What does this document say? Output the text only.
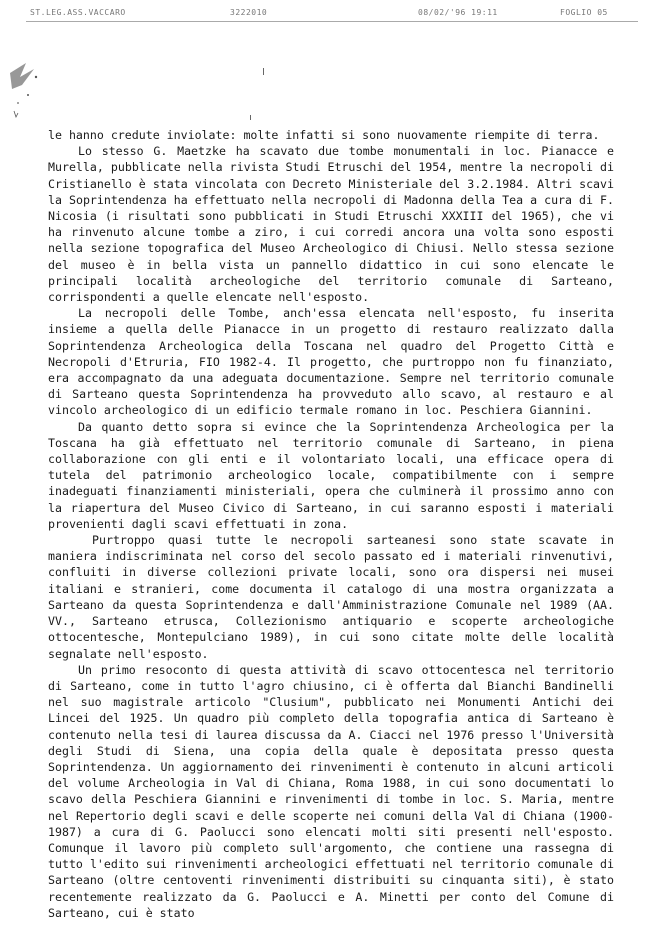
ST.LEG.ASS.VACCARO	3222010	08/02/'96 19:11	FOGLIO 05

le hanno credute inviolate: molte infatti si sono nuovamente riempite di terra.

Lo stesso G. Maetzke ha scavato due tombe monumentali in loc. Pianacce e Murella, pubblicate nella rivista Studi Etruschi del 1954, mentre la necropoli di Cristianello è stata vincolata con Decreto Ministeriale del 3.2.1984. Altri scavi la Soprintendenza ha effettuato nella necropoli di Madonna della Tea a cura di F. Nicosia (i risultati sono pubblicati in Studi Etruschi XXXIII del 1965), che vi ha rinvenuto alcune tombe a ziro, i cui corredi ancora una volta sono esposti nella sezione topografica del Museo Archeologico di Chiusi. Nello stessa sezione del museo è in bella vista un pannello didattico in cui sono elencate le principali località archeologiche del territorio comunale di Sarteano, corrispondenti a quelle elencate nell'esposto.

La necropoli delle Tombe, anch'essa elencata nell'esposto, fu inserita insieme a quella delle Pianacce in un progetto di restauro realizzato dalla Soprintendenza Archeologica della Toscana nel quadro del Progetto Città e Necropoli d'Etruria, FIO 1982-4. Il progetto, che purtroppo non fu finanziato, era accompagnato da una adeguata documentazione. Sempre nel territorio comunale di Sarteano questa Soprintendenza ha provveduto allo scavo, al restauro e al vincolo archeologico di un edificio termale romano in loc. Peschiera Giannini.

Da quanto detto sopra si evince che la Soprintendenza Archeologica per la Toscana ha già effettuato nel territorio comunale di Sarteano, in piena collaborazione con gli enti e il volontariato locali, una efficace opera di tutela del patrimonio archeologico locale, compatibilmente con i sempre inadeguati finanziamenti ministeriali, opera che culminerà il prossimo anno con la riapertura del Museo Civico di Sarteano, in cui saranno esposti i materiali provenienti dagli scavi effettuati in zona.

Purtroppo quasi tutte le necropoli sarteanesi sono state scavate in maniera indiscriminata nel corso del secolo passato ed i materiali rinvenutivi, confluiti in diverse collezioni private locali, sono ora dispersi nei musei italiani e stranieri, come documenta il catalogo di una mostra organizzata a Sarteano da questa Soprintendenza e dall'Amministrazione Comunale nel 1989 (AA. VV., Sarteano etrusca, Collezionismo antiquario e scoperte archeologiche ottocentesche, Montepulciano 1989), in cui sono citate molte delle località segnalate nell'esposto.

Un primo resoconto di questa attività di scavo ottocentesca nel territorio di Sarteano, come in tutto l'agro chiusino, ci è offerta dal Bianchi Bandinelli nel suo magistrale articolo "Clusium", pubblicato nei Monumenti Antichi dei Lincei del 1925. Un quadro più completo della topografia antica di Sarteano è contenuto nella tesi di laurea discussa da A. Ciacci nel 1976 presso l'Università degli Studi di Siena, una copia della quale è depositata presso questa Soprintendenza. Un aggiornamento dei rinvenimenti è contenuto in alcuni articoli del volume Archeologia in Val di Chiana, Roma 1988, in cui sono documentati lo scavo della Peschiera Giannini e rinvenimenti di tombe in loc. S. Maria, mentre nel Repertorio degli scavi e delle scoperte nei comuni della Val di Chiana (1900-1987) a cura di G. Paolucci sono elencati molti siti presenti nell'esposto. Comunque il lavoro più completo sull'argomento, che contiene una rassegna di tutto l'edito sui rinvenimenti archeologici effettuati nel territorio comunale di Sarteano (oltre centoventi rinvenimenti distribuiti su cinquanta siti), è stato recentemente realizzato da G. Paolucci e A. Minetti per conto del Comune di Sarteano, cui è stato
